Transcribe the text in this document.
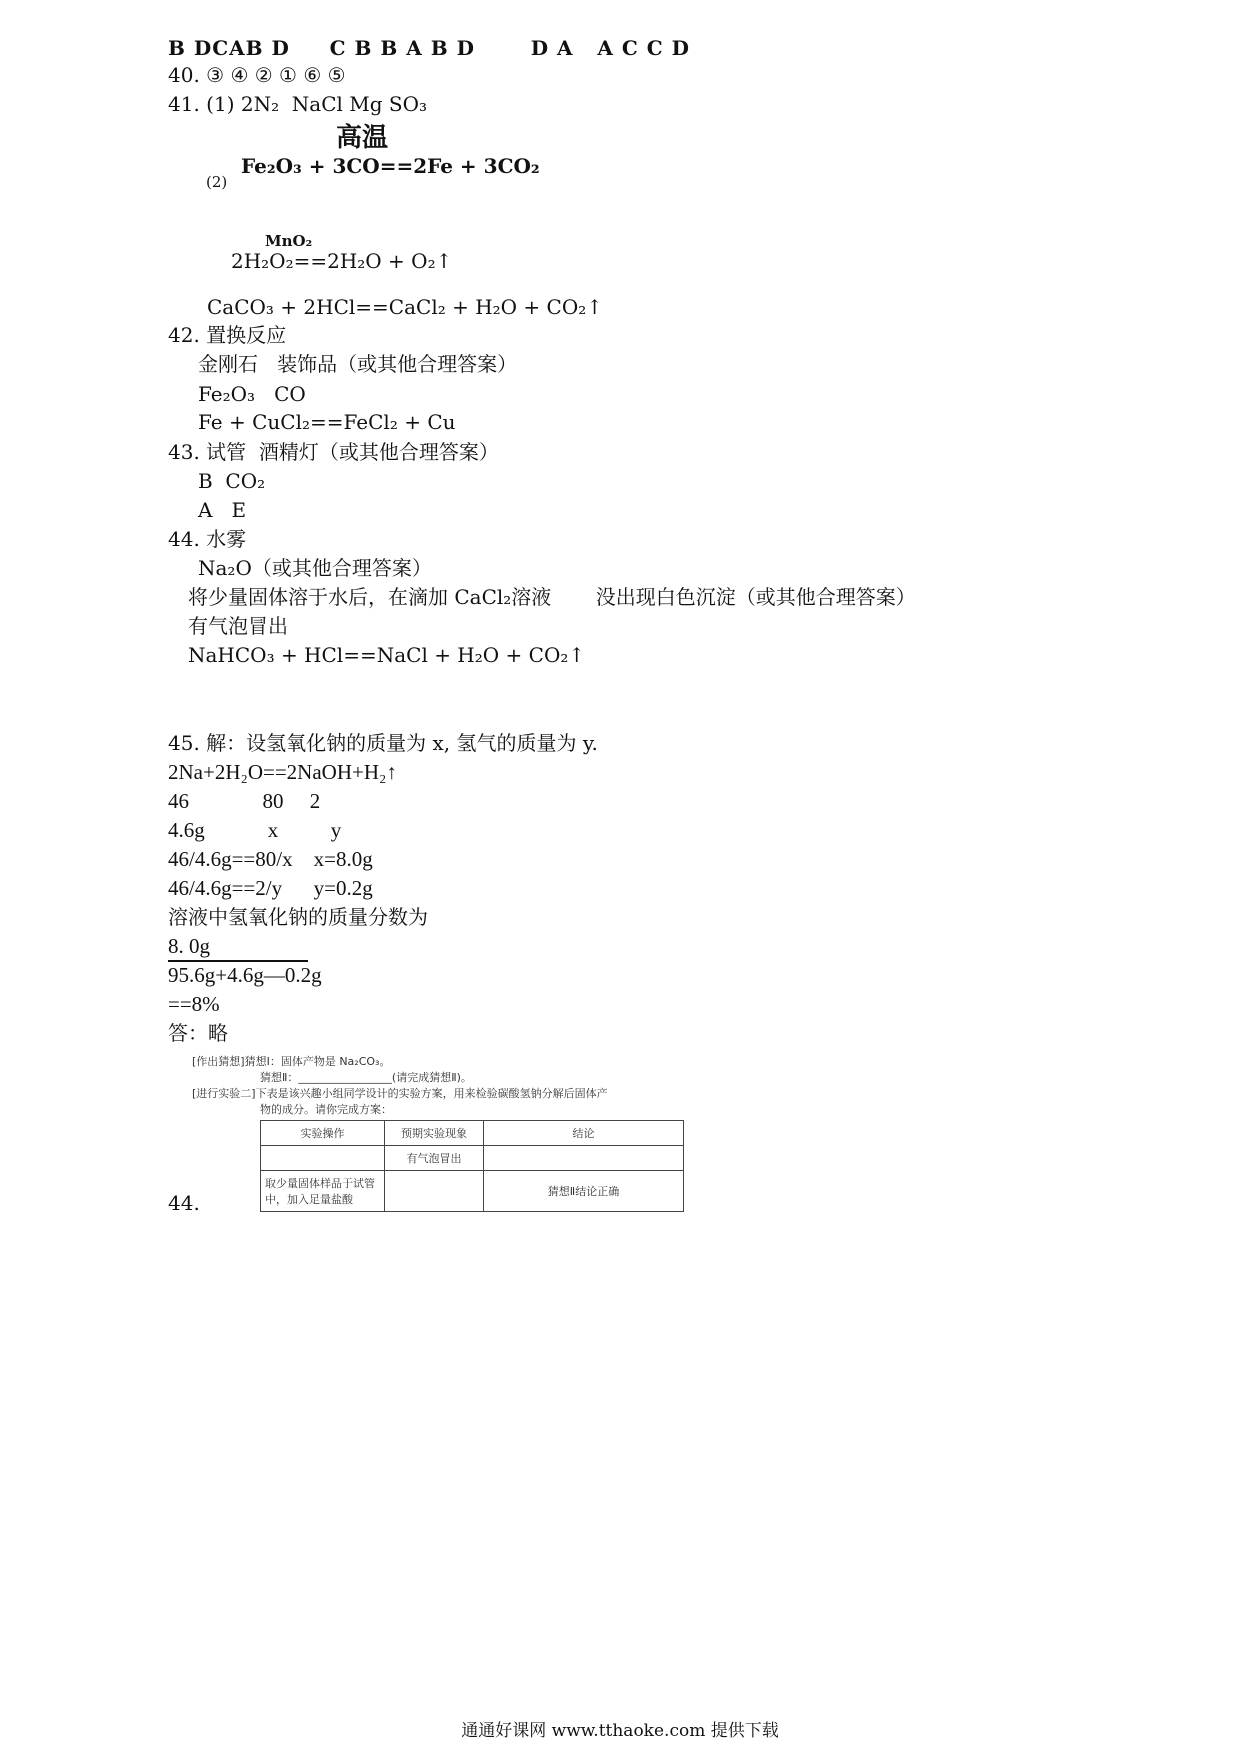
B DCAB D     C B B A B D       D A   A C C D
40. ③ ④ ② ① ⑥ ⑤
41. (1) 2N₂  NaCl Mg SO₃
高温
Fe₂O₃ + 3CO==2Fe + 3CO₂
(2)
MnO₂
2H₂O₂==2H₂O + O₂↑
CaCO₃ + 2HCl==CaCl₂ + H₂O + CO₂↑
42. 置换反应
金刚石   装饰品（或其他合理答案）
Fe₂O₃   CO
Fe + CuCl₂==FeCl₂ + Cu
43. 试管  酒精灯（或其他合理答案）
B  CO₂
A   E
44. 水雾
Na₂O（或其他合理答案）
将少量固体溶于水后，在滴加 CaCl₂溶液       没出现白色沉淀（或其他合理答案）
有气泡冒出
NaHCO₃ + HCl==NaCl + H₂O + CO₂↑
45. 解：设氢氧化钠的质量为 x, 氢气的质量为 y.
2Na+2H₂O==2NaOH+H₂↑
46              80     2
4.6g            x          y
46/4.6g==80/x    x=8.0g
46/4.6g==2/y      y=0.2g
溶液中氢氧化钠的质量分数为
8. 0g
95.6g+4.6g—0.2g
==8%
答：略
44.
[作出猜想]猜想Ⅰ：固体产物是 Na₂CO₃。
猜想Ⅱ：_________________(请完成猜想Ⅱ)。
[进行实验二]下表是该兴趣小组同学设计的实验方案，用来检验碳酸氢钠分解后固体产
物的成分。请你完成方案：
实验操作	预期实验现象	结论
	有气泡冒出	
取少量固体样品于试管中，加入足量盐酸		猜想Ⅱ结论正确
通通好课网 www.tthaoke.com 提供下载
